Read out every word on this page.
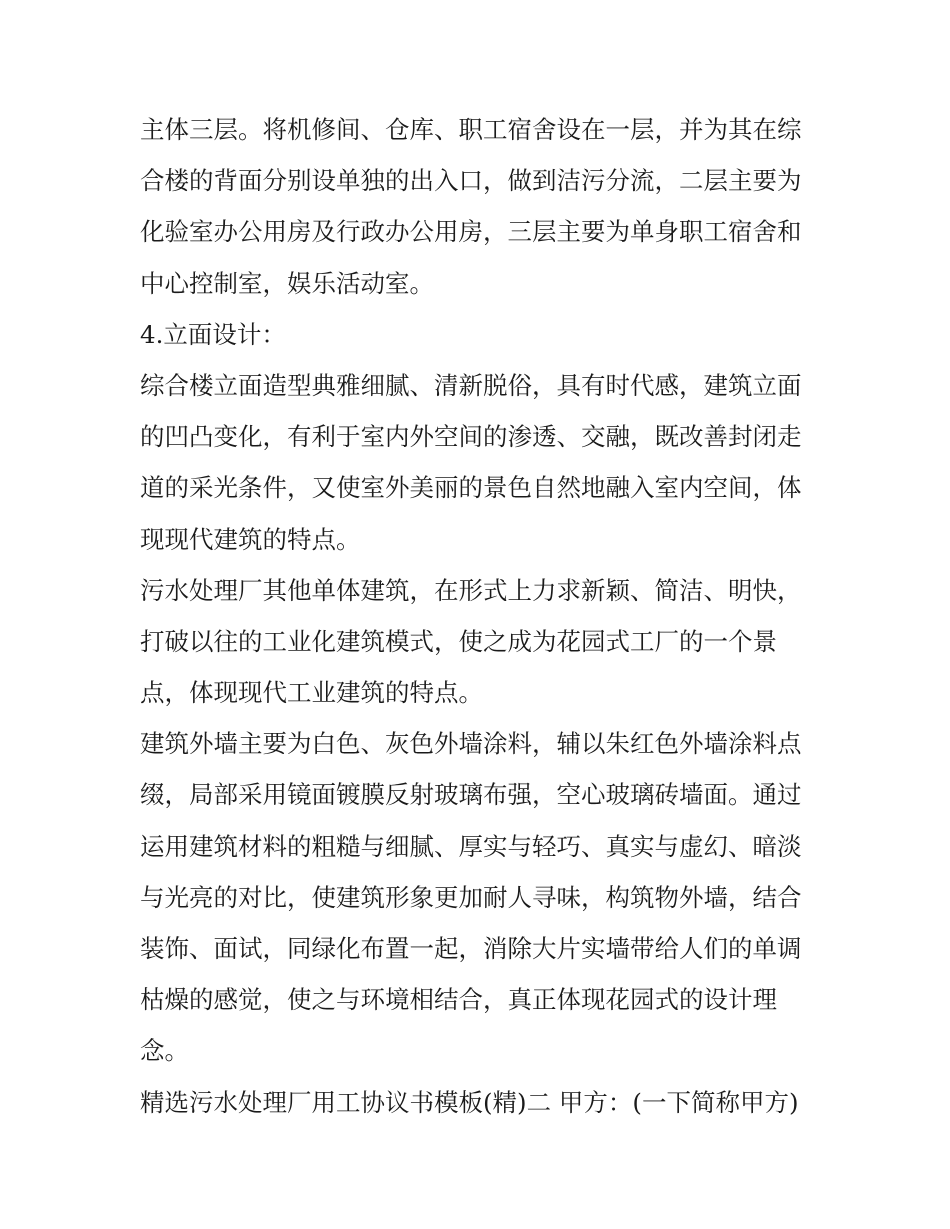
主体三层。将机修间、仓库、职工宿舍设在一层，并为其在综
合楼的背面分别设单独的出入口，做到洁污分流，二层主要为
化验室办公用房及行政办公用房，三层主要为单身职工宿舍和
中心控制室，娱乐活动室。
4.立面设计：
综合楼立面造型典雅细腻、清新脱俗，具有时代感，建筑立面
的凹凸变化，有利于室内外空间的渗透、交融，既改善封闭走
道的采光条件，又使室外美丽的景色自然地融入室内空间，体
现现代建筑的特点。
污水处理厂其他单体建筑，在形式上力求新颖、简洁、明快，
打破以往的工业化建筑模式，使之成为花园式工厂的一个景
点，体现现代工业建筑的特点。
建筑外墙主要为白色、灰色外墙涂料，辅以朱红色外墙涂料点
缀，局部采用镜面镀膜反射玻璃布强，空心玻璃砖墙面。通过
运用建筑材料的粗糙与细腻、厚实与轻巧、真实与虚幻、暗淡
与光亮的对比，使建筑形象更加耐人寻味，构筑物外墙，结合
装饰、面试，同绿化布置一起，消除大片实墙带给人们的单调
枯燥的感觉，使之与环境相结合，真正体现花园式的设计理
念。
精选污水处理厂用工协议书模板(精)二 甲方：(一下简称甲方)
